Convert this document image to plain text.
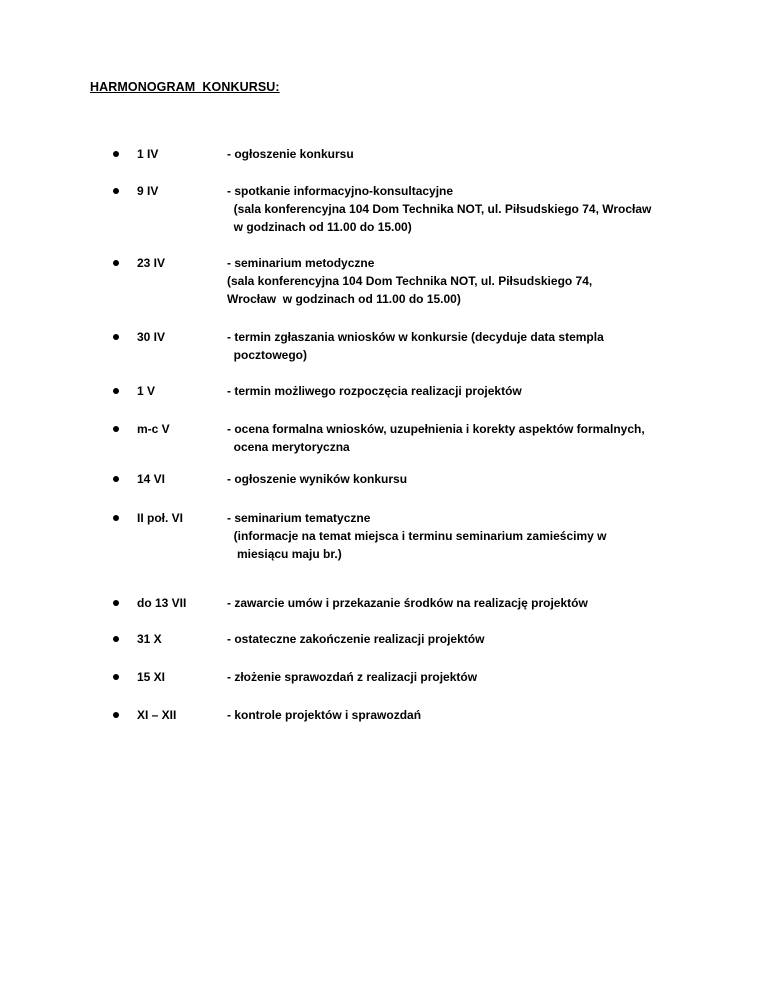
HARMONOGRAM  KONKURSU:
1 IV	- ogłoszenie konkursu
9 IV	- spotkanie informacyjno-konsultacyjne
(sala konferencyjna 104 Dom Technika NOT, ul. Piłsudskiego 74, Wrocław
w godzinach od 11.00 do 15.00)
23 IV	- seminarium metodyczne
(sala konferencyjna 104 Dom Technika NOT, ul. Piłsudskiego 74,
Wrocław  w godzinach od 11.00 do 15.00)
30 IV	- termin zgłaszania wniosków w konkursie (decyduje data stempla
pocztowego)
1 V	- termin możliwego rozpoczęcia realizacji projektów
m-c V	- ocena formalna wniosków, uzupełnienia i korekty aspektów formalnych,
ocena merytoryczna
14 VI	- ogłoszenie wyników konkursu
II poł. VI	- seminarium tematyczne
(informacje na temat miejsca i terminu seminarium zamieścimy w
miesiącu maju br.)
do 13 VII	- zawarcie umów i przekazanie środków na realizację projektów
31 X	- ostateczne zakończenie realizacji projektów
15 XI	- złożenie sprawozdań z realizacji projektów
XI – XII	- kontrole projektów i sprawozdań
